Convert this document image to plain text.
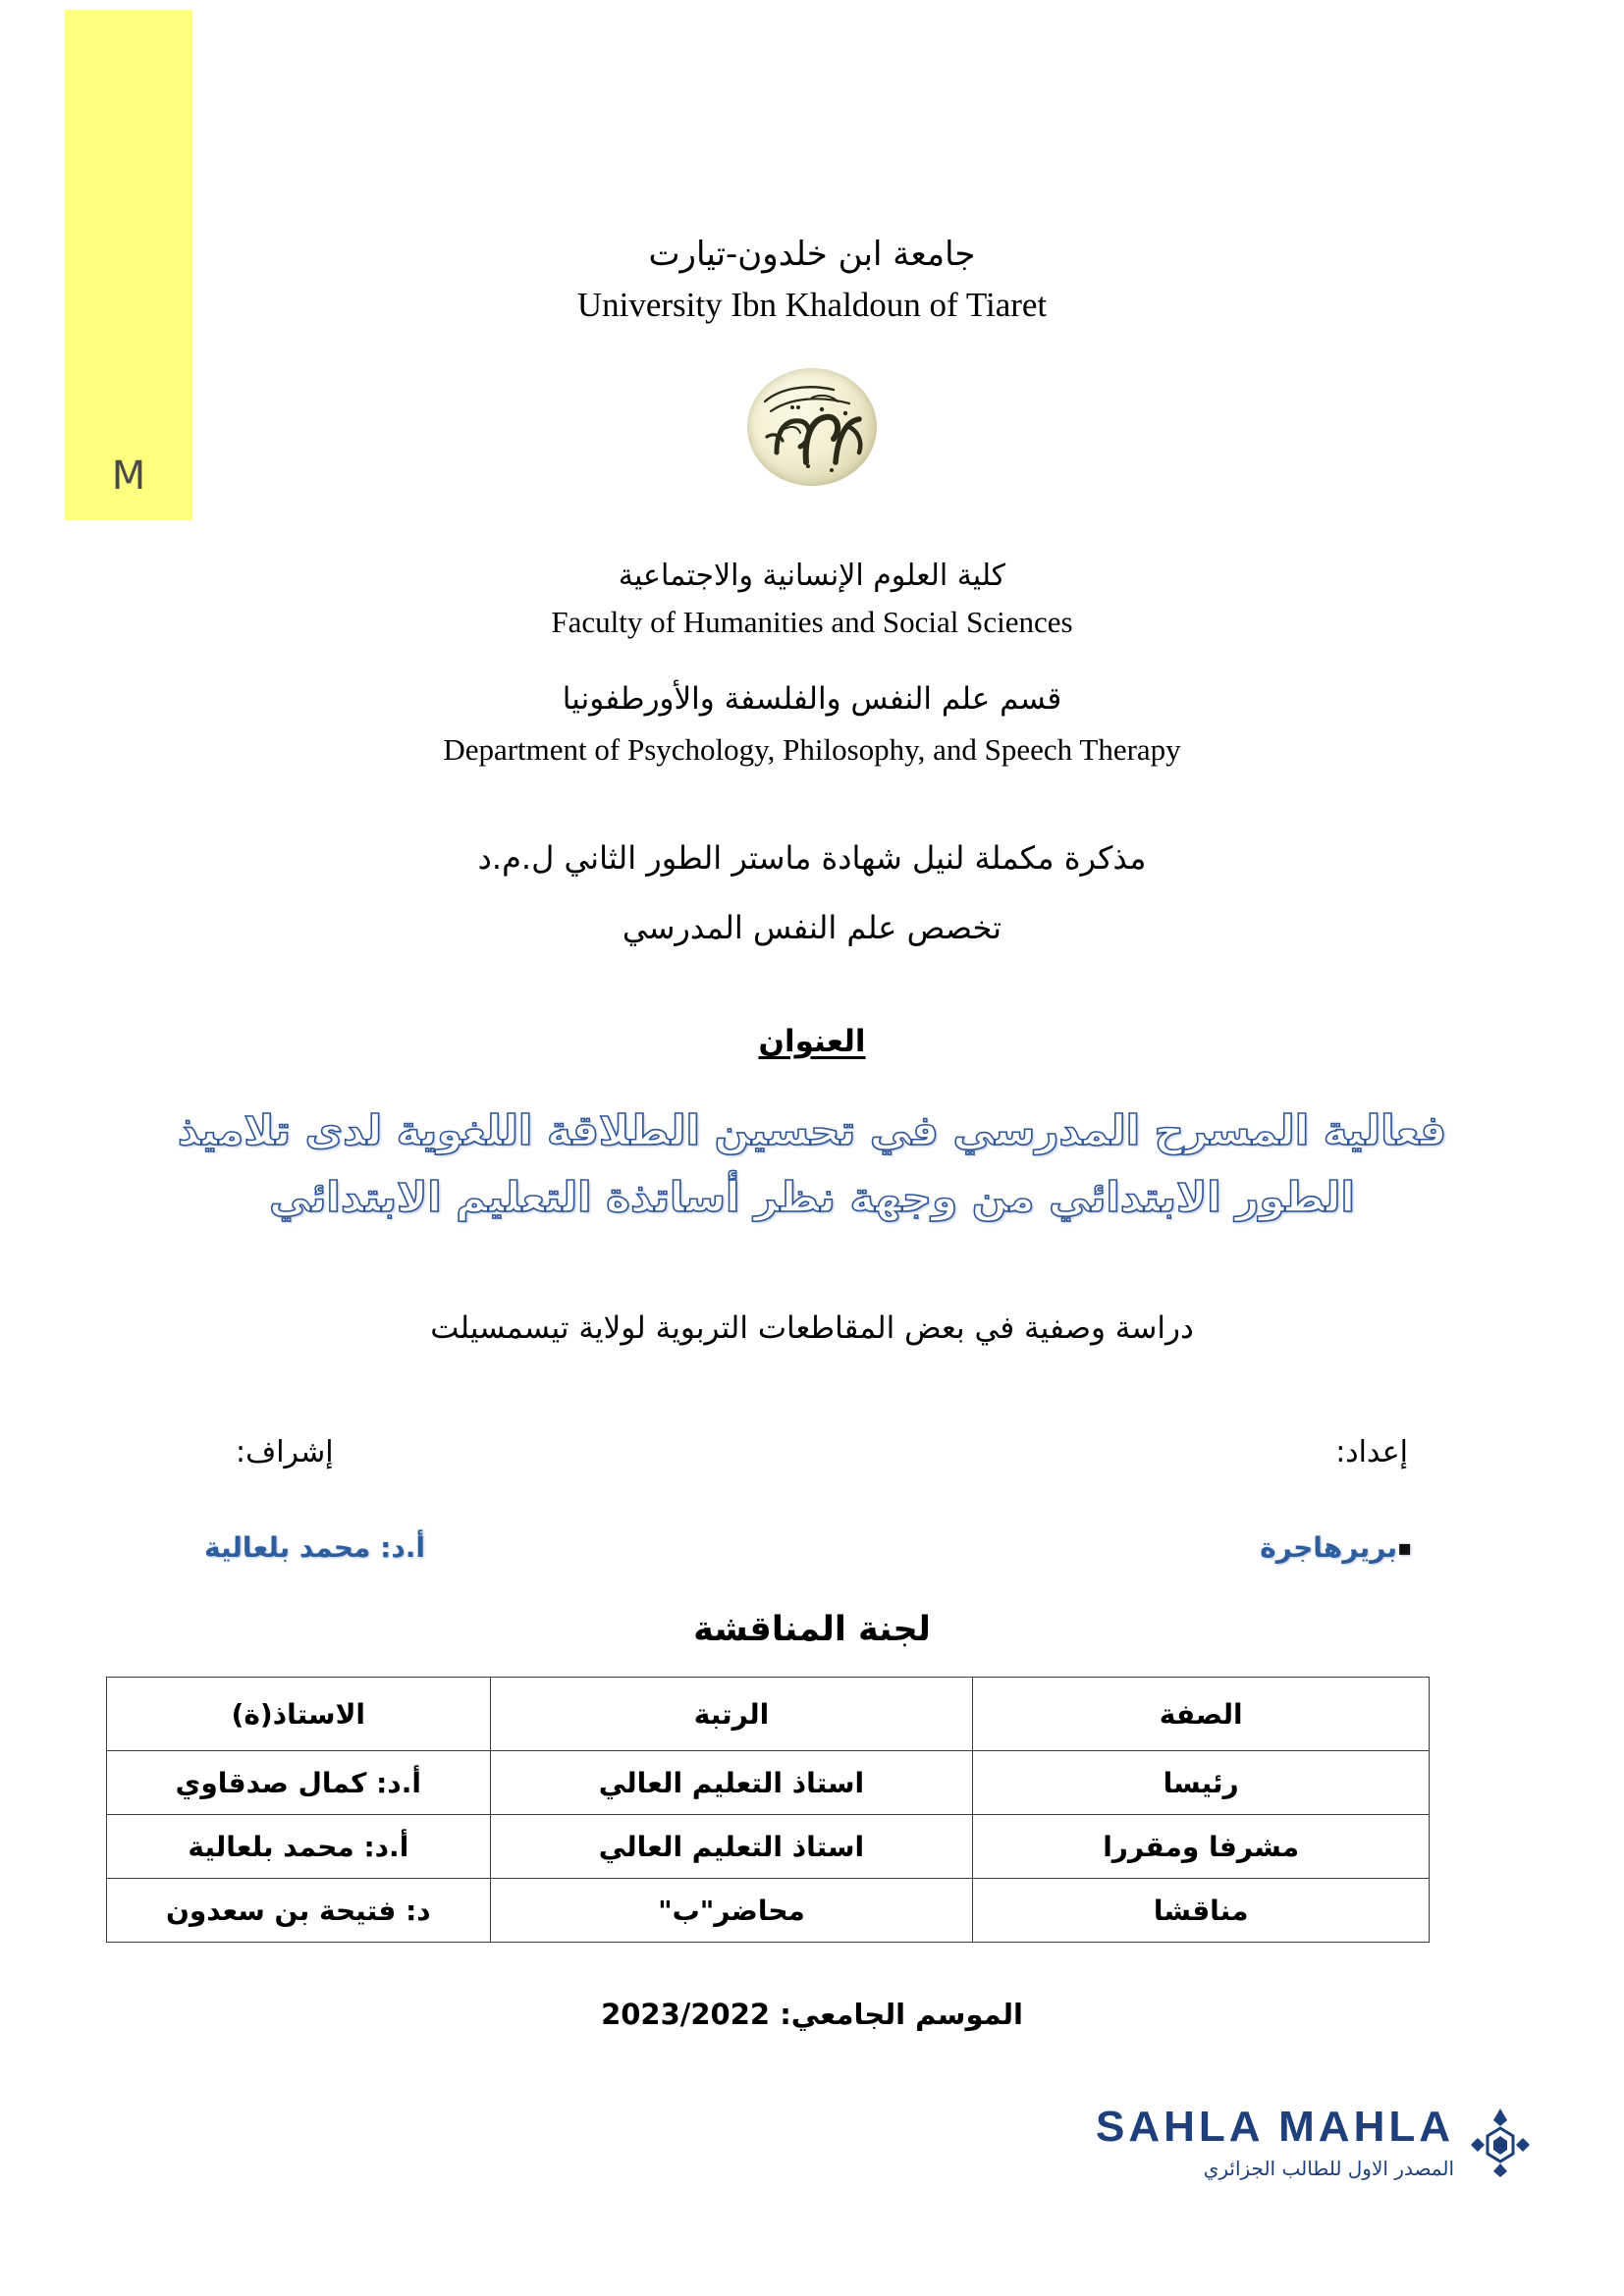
M
جامعة ابن خلدون-تيارت
University Ibn Khaldoun of Tiaret
كلية العلوم الإنسانية والاجتماعية
Faculty of Humanities and Social Sciences
قسم علم النفس والفلسفة والأورطفونيا
Department of Psychology, Philosophy, and Speech Therapy
مذكرة مكملة لنيل شهادة ماستر الطور الثاني ل.م.د
تخصص علم النفس المدرسي
العنوان
فعالية المسرح المدرسي في تحسين الطلاقة اللغوية لدى تلاميذ الطور الابتدائي من وجهة نظر أساتذة التعليم الابتدائي
دراسة وصفية في بعض المقاطعات التربوية لولاية تيسمسيلت
إشراف:	إعداد:
أ.د: محمد بلعالية	▪بريرهاجرة
لجنة المناقشة
الصفة	الرتبة	الاستاذ(ة)
رئيسا	استاذ التعليم العالي	أ.د: كمال صدقاوي
مشرفا ومقررا	استاذ التعليم العالي	أ.د: محمد بلعالية
مناقشا	محاضر"ب"	د: فتيحة بن سعدون
الموسم الجامعي: 2023/2022
SAHLA MAHLA
المصدر الاول للطالب الجزائري
